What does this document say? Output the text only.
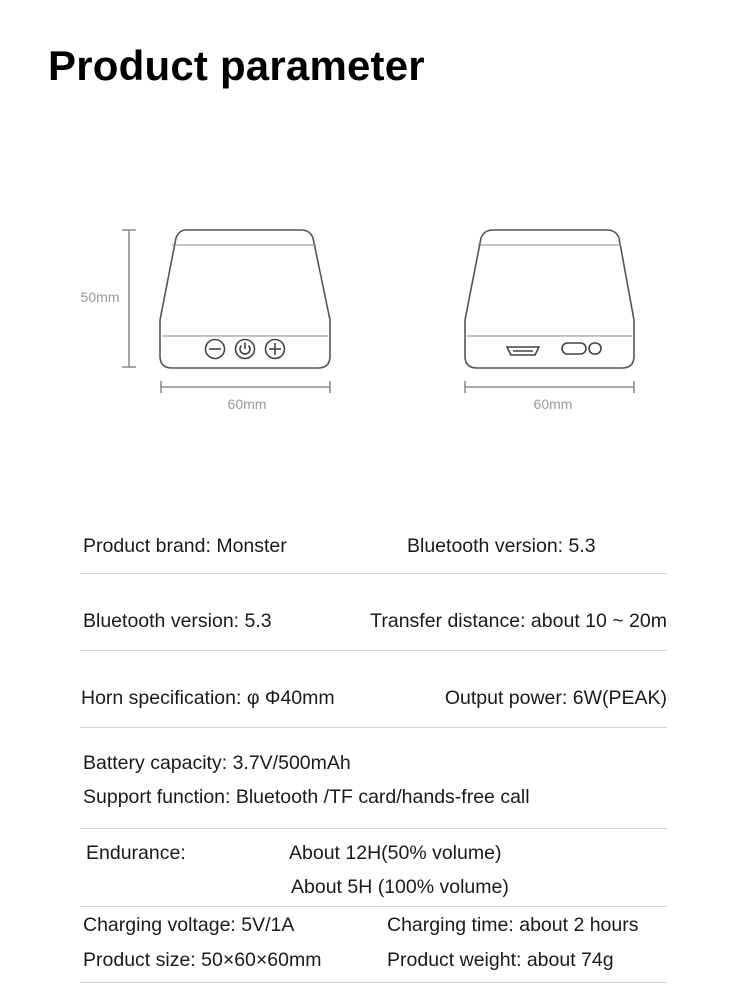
Product parameter
50mm
60mm	60mm
Product brand: Monster	Bluetooth version: 5.3
Bluetooth version: 5.3	Transfer distance: about 10 ~ 20m
Horn specification: φ Φ40mm	Output power: 6W(PEAK)
Battery capacity: 3.7V/500mAh
Support function: Bluetooth /TF card/hands-free call
Endurance:	About 12H(50% volume)
About 5H (100% volume)
Charging voltage: 5V/1A	Charging time: about 2 hours
Product size: 50×60×60mm	Product weight: about 74g
